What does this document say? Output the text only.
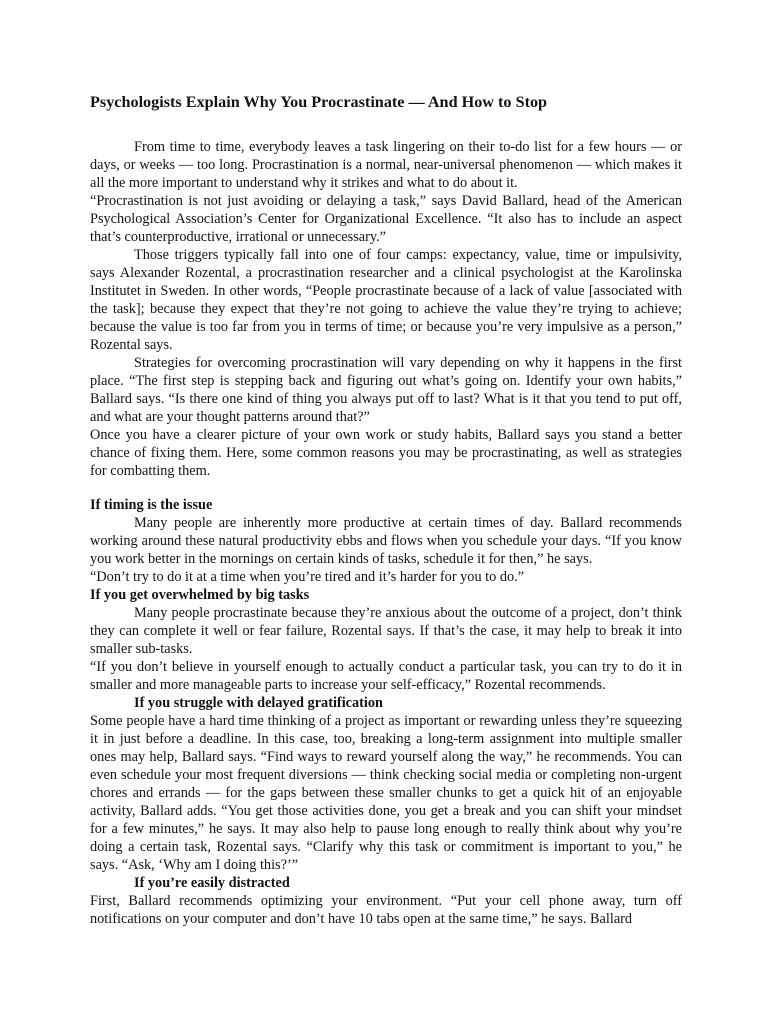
Psychologists Explain Why You Procrastinate — And How to Stop

From time to time, everybody leaves a task lingering on their to-do list for a few hours — or days, or weeks — too long. Procrastination is a normal, near-universal phenomenon — which makes it all the more important to understand why it strikes and what to do about it.

“Procrastination is not just avoiding or delaying a task,” says David Ballard, head of the American Psychological Association’s Center for Organizational Excellence. “It also has to include an aspect that’s counterproductive, irrational or unnecessary.”

Those triggers typically fall into one of four camps: expectancy, value, time or impulsivity, says Alexander Rozental, a procrastination researcher and a clinical psychologist at the Karolinska Institutet in Sweden. In other words, “People procrastinate because of a lack of value [associated with the task]; because they expect that they’re not going to achieve the value they’re trying to achieve; because the value is too far from you in terms of time; or because you’re very impulsive as a person,” Rozental says.

Strategies for overcoming procrastination will vary depending on why it happens in the first place. “The first step is stepping back and figuring out what’s going on. Identify your own habits,” Ballard says. “Is there one kind of thing you always put off to last? What is it that you tend to put off, and what are your thought patterns around that?”

Once you have a clearer picture of your own work or study habits, Ballard says you stand a better chance of fixing them. Here, some common reasons you may be procrastinating, as well as strategies for combatting them.

If timing is the issue

Many people are inherently more productive at certain times of day. Ballard recommends working around these natural productivity ebbs and flows when you schedule your days. “If you know you work better in the mornings on certain kinds of tasks, schedule it for then,” he says.

“Don’t try to do it at a time when you’re tired and it’s harder for you to do.”

If you get overwhelmed by big tasks

Many people procrastinate because they’re anxious about the outcome of a project, don’t think they can complete it well or fear failure, Rozental says. If that’s the case, it may help to break it into smaller sub-tasks.

“If you don’t believe in yourself enough to actually conduct a particular task, you can try to do it in smaller and more manageable parts to increase your self-efficacy,” Rozental recommends.

If you struggle with delayed gratification

Some people have a hard time thinking of a project as important or rewarding unless they’re squeezing it in just before a deadline. In this case, too, breaking a long-term assignment into multiple smaller ones may help, Ballard says. “Find ways to reward yourself along the way,” he recommends. You can even schedule your most frequent diversions — think checking social media or completing non-urgent chores and errands — for the gaps between these smaller chunks to get a quick hit of an enjoyable activity, Ballard adds. “You get those activities done, you get a break and you can shift your mindset for a few minutes,” he says. It may also help to pause long enough to really think about why you’re doing a certain task, Rozental says. “Clarify why this task or commitment is important to you,” he says. “Ask, ‘Why am I doing this?’”

If you’re easily distracted

First, Ballard recommends optimizing your environment. “Put your cell phone away, turn off notifications on your computer and don’t have 10 tabs open at the same time,” he says. Ballard
